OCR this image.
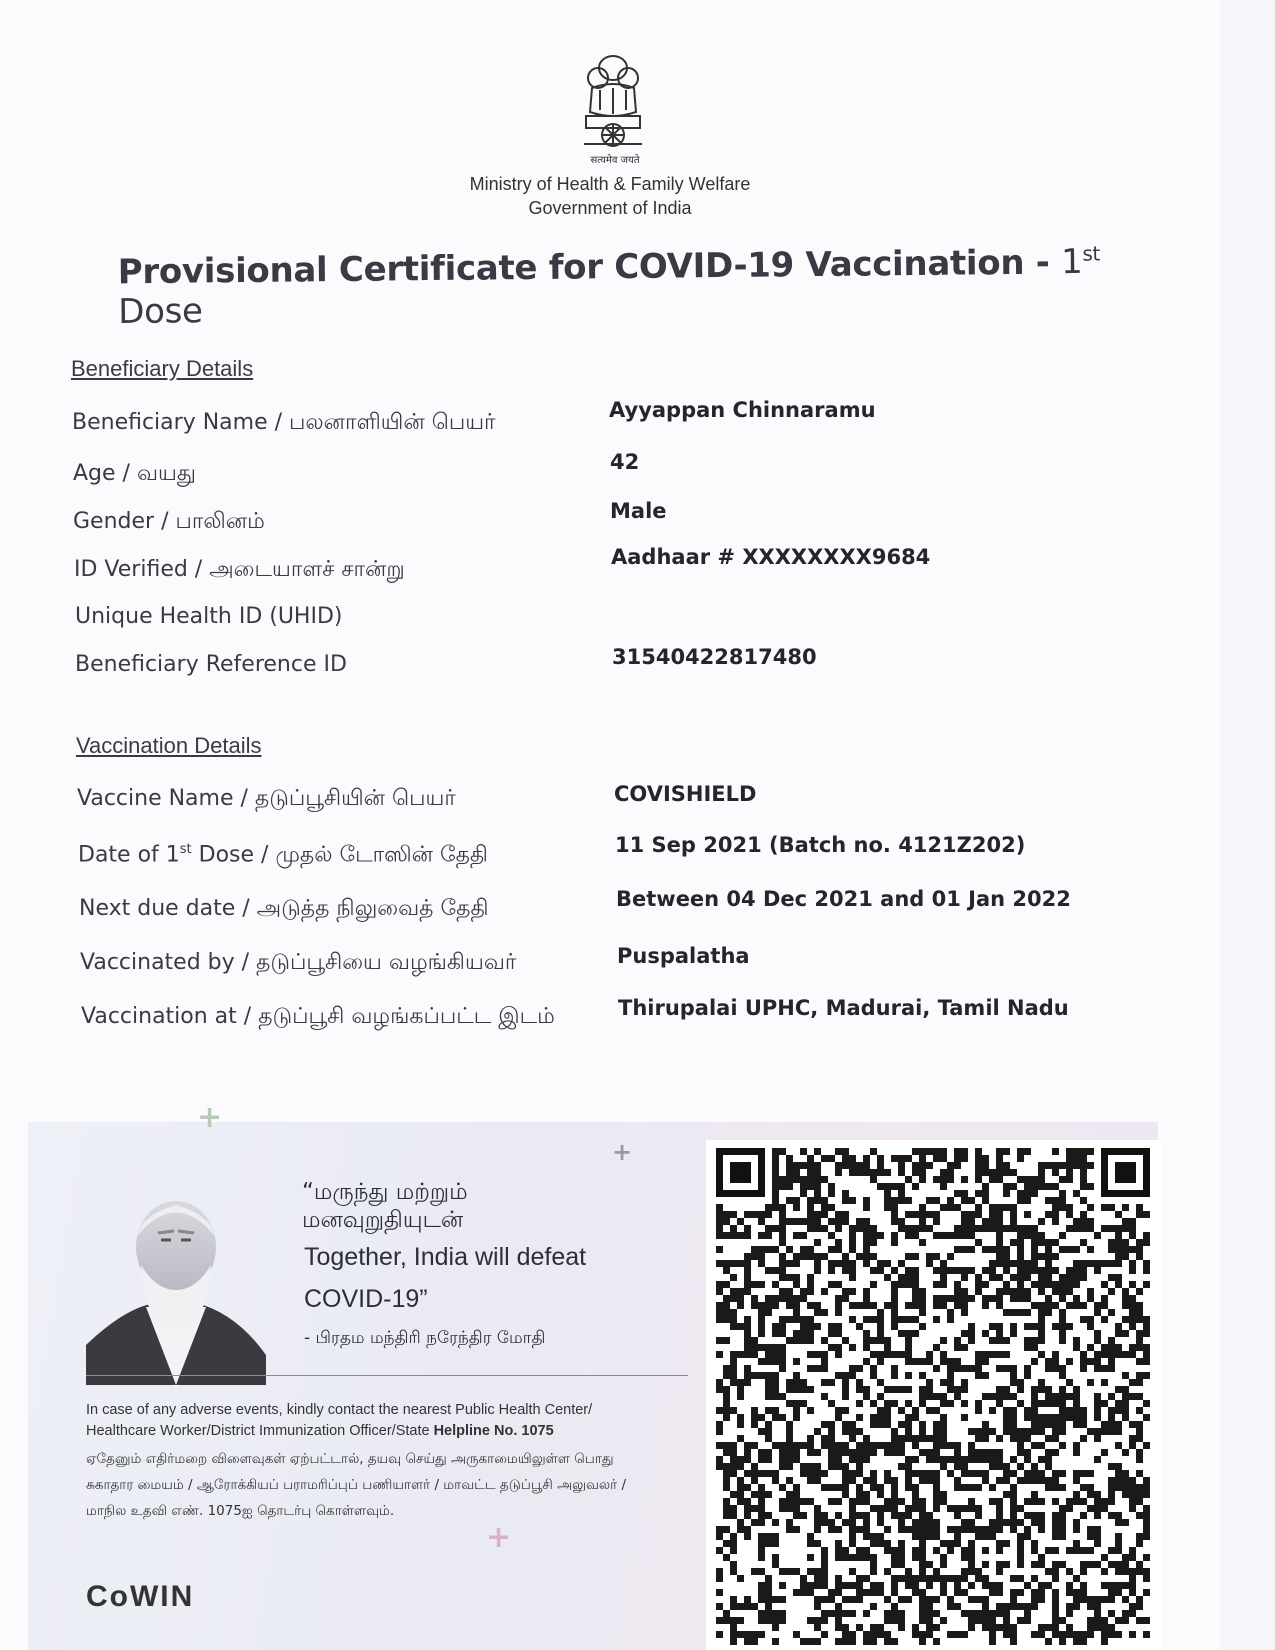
सत्यमेव जयते
Ministry of Health & Family Welfare
Government of India
Provisional Certificate for COVID-19 Vaccination - 1st Dose
Beneficiary Details
Beneficiary Name / பலனாளியின் பெயர்	Ayyappan Chinnaramu
Age / வயது	42
Gender / பாலினம்	Male
ID Verified / அடையாளச் சான்று	Aadhaar # XXXXXXXX9684
Unique Health ID (UHID)
Beneficiary Reference ID	31540422817480
Vaccination Details
Vaccine Name / தடுப்பூசியின் பெயர்	COVISHIELD
Date of 1st Dose / முதல் டோஸின் தேதி	11 Sep 2021 (Batch no. 4121Z202)
Next due date / அடுத்த நிலுவைத் தேதி	Between 04 Dec 2021 and 01 Jan 2022
Vaccinated by / தடுப்பூசியை வழங்கியவர்	Puspalatha
Vaccination at / தடுப்பூசி வழங்கப்பட்ட இடம்	Thirupalai UPHC, Madurai, Tamil Nadu
+
+
+
“மருந்து மற்றும்
மனவுறுதியுடன்
Together, India will defeat
COVID-19”
- பிரதம மந்திரி நரேந்திர மோதி
In case of any adverse events, kindly contact the nearest Public Health Center/
Healthcare Worker/District Immunization Officer/State Helpline No. 1075
ஏதேனும் எதிர்மறை விளைவுகள் ஏற்பட்டால், தயவு செய்து அருகாமையிலுள்ள பொது
சுகாதார மையம் / ஆரோக்கியப் பராமரிப்புப் பணியாளர் / மாவட்ட தடுப்பூசி அலுவலர் /
மாநில உதவி எண். 1075ஐ தொடர்பு கொள்ளவும்.
CoWIN
